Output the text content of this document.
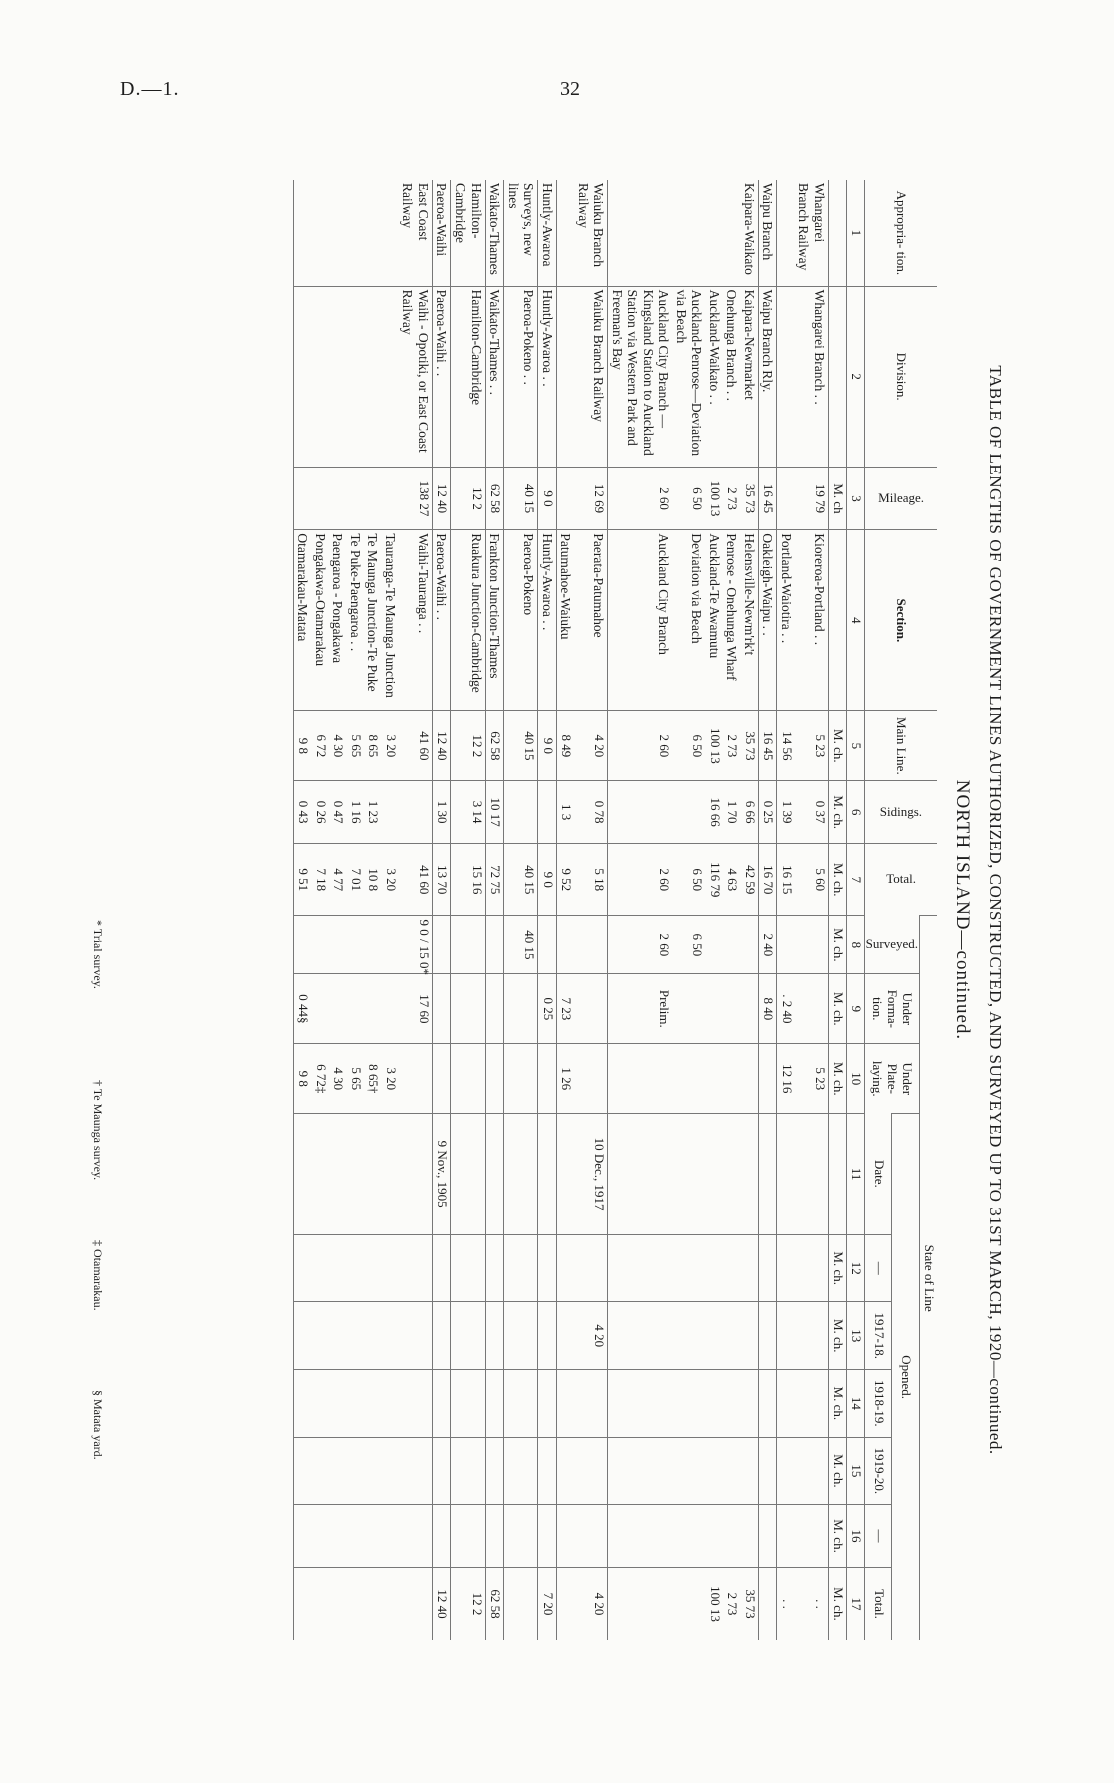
D.—1.	32
TABLE OF LENGTHS OF GOVERNMENT LINES AUTHORIZED, CONSTRUCTED, AND SURVEYED UP TO 31ST MARCH, 1920—continued.
NORTH ISLAND—continued.
Appropria- tion.	Division.	Mileage.	Section.	Main Line.	Sidings.	Total.	State of Line									

							Surveyed.	Under Forma- tion.	Under Plate- laying.	Opened.						
										Date.	—	1917-18.	1918-19.	1919-20.	—	Total.
1	2	3	4	5	6	7	8	9	10	11	12	13	14	15	16	17
		M. ch		M. ch.	M. ch.	M. ch.	M. ch.	M. ch.	M. ch.		M. ch.	M. ch.	M. ch.	M. ch.	M. ch.	M. ch.
Whangarei Branch Railway	Whangarei Branch . .	19 79	Kioreroa-Portland . .	5 23	0 37	5 60			5 23							. .
			Portland-Waiotira . .	14 56	1 39	16 15		. 2 40	12 16							. .
Waipu Branch	Waipu Branch Rly.	16 45	Oakleigh-Waipu . .	16 45	0 25	16 70	2 40	8 40								
Kaipara-Waikato	Kaipara-Newmarket	35 73	Helensville-Newm'rk't	35 73	6 66	42 59										35 73
	Onehunga Branch . .	2 73	Penrose - Onehunga Wharf	2 73	1 70	4 63										2 73
	Auckland-Waikato . .	100 13	Auckland-Te Awamutu	100 13	16 66	116 79										100 13
	Auckland-Penrose—Deviation via Beach	6 50	Deviation via Beach	6 50		6 50	6 50									
	Auckland City Branch —Kingsland Station to Auckland Station via Western Park and Freeman's Bay	2 60	Auckland City Branch	2 60		2 60	2 60	Prelim.								
Waiuku Branch Railway	Waiuku Branch Railway	12 69	Paerata-Patumahoe	4 20	0 78	5 18				10 Dec., 1917		4 20				4 20
			Patumahoe-Waiuku	8 49	1 3	9 52		7 23	1 26							
Huntly-Awaroa	Huntly-Awaroa . .	9 0	Huntly-Awaroa . .	9 0		9 0		0 25								7 20
Surveys, new lines	Paeroa-Pokeno . .	40 15	Paeroa-Pokeno	40 15		40 15	40 15									
Waikato-Thames	Waikato-Thames . .	62 58	Frankton Junction-Thames	62 58	10 17	72 75										62 58
Hamilton-Cambridge	Hamilton-Cambridge	12 2	Ruakura Junction-Cambridge	12 2	3 14	15 16										12 2
Paeroa-Waihi	Paeroa-Waihi . .	12 40	Paeroa-Waihi . .	12 40	1 30	13 70				9 Nov., 1905						12 40
East Coast Railway	Waihi - Opotiki, or East Coast Railway	138 27	Waihi-Tauranga . .	41 60		41 60	9 0 / 15 0*	17 60								
			Tauranga-Te Maunga Junction	3 20		3 20			3 20							
			Te Maunga Junction-Te Puke	8 65	1 23	10 8			8 65†							
			Te Puke-Paengaroa . .	5 65	1 16	7 01			5 65							
			Paengaroa - Pongakawa	4 30	0 47	4 77			4 30							
			Pongakawa-Otamarakau	6 72	0 26	7 18			6 72‡							
			Otamarakau-Matata	9 8	0 43	9 51		0 44§	9 8							
* Trial survey.
† Te Maunga survey.
‡ Otamarakau.
§ Matata yard.
